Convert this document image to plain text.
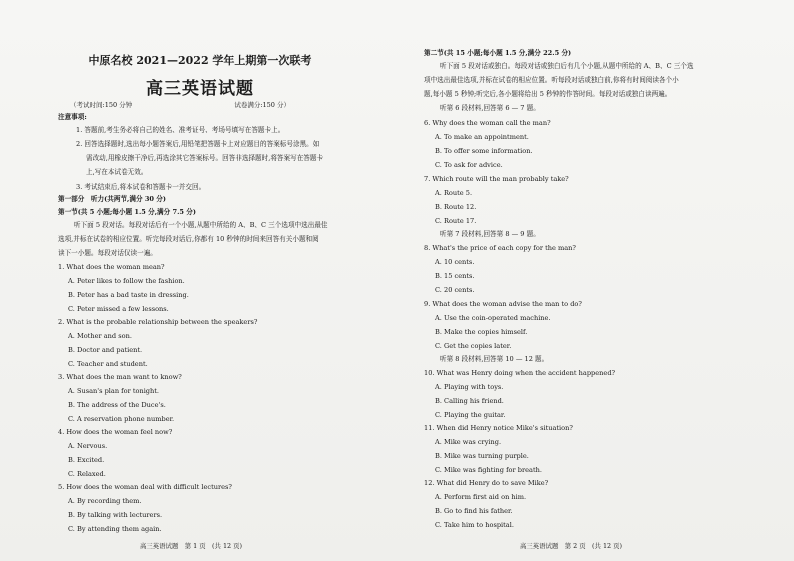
中原名校 2021—2022 学年上期第一次联考
高三英语试题
（考试时间:150 分钟	试卷满分:150 分）
注意事项:
1. 答题前,考生务必将自己的姓名、准考证号、考场号填写在答题卡上。
2. 回答选择题时,选出每小题答案后,用铅笔把答题卡上对应题目的答案标号涂黑。如
需改动,用橡皮擦干净后,再选涂其它答案标号。回答非选择题时,将答案写在答题卡
上,写在本试卷无效。
3. 考试结束后,将本试卷和答题卡一并交回。
第一部分　听力(共两节,满分 30 分)
第一节(共 5 小题;每小题 1.5 分,满分 7.5 分)
听下面 5 段对话。每段对话后有一个小题,从题中所给的 A、B、C 三个选项中选出最佳
选项,并标在试卷的相应位置。听完每段对话后,你都有 10 秒钟的时间来回答有关小题和阅
读下一小题。每段对话仅读一遍。
1. What does the woman mean?
A. Peter likes to follow the fashion.
B. Peter has a bad taste in dressing.
C. Peter missed a few lessons.
2. What is the probable relationship between the speakers?
A. Mother and son.
B. Doctor and patient.
C. Teacher and student.
3. What does the man want to know?
A. Susan's plan for tonight.
B. The address of the Duce's.
C. A reservation phone number.
4. How does the woman feel now?
A. Nervous.
B. Excited.
C. Relaxed.
5. How does the woman deal with difficult lectures?
A. By recording them.
B. By talking with lecturers.
C. By attending them again.
高三英语试题　第 1 页　(共 12 页)
第二节(共 15 小题;每小题 1.5 分,满分 22.5 分)
听下面 5 段对话或独白。每段对话或独白后有几个小题,从题中所给的 A、B、C 三个选
项中选出最佳选项,并标在试卷的相应位置。听每段对话或独白前,你将有时间阅读各个小
题,每小题 5 秒钟;听完后,各小题将给出 5 秒钟的作答时间。每段对话或独白读两遍。
听第 6 段材料,回答第 6 — 7 题。
6. Why does the woman call the man?
A. To make an appointment.
B. To offer some information.
C. To ask for advice.
7. Which route will the man probably take?
A. Route 5.
B. Route 12.
C. Route 17.
听第 7 段材料,回答第 8 — 9 题。
8. What's the price of each copy for the man?
A. 10 cents.
B. 15 cents.
C. 20 cents.
9. What does the woman advise the man to do?
A. Use the coin-operated machine.
B. Make the copies himself.
C. Get the copies later.
听第 8 段材料,回答第 10 — 12 题。
10. What was Henry doing when the accident happened?
A. Playing with toys.
B. Calling his friend.
C. Playing the guitar.
11. When did Henry notice Mike's situation?
A. Mike was crying.
B. Mike was turning purple.
C. Mike was fighting for breath.
12. What did Henry do to save Mike?
A. Perform first aid on him.
B. Go to find his father.
C. Take him to hospital.
高三英语试题　第 2 页　(共 12 页)
